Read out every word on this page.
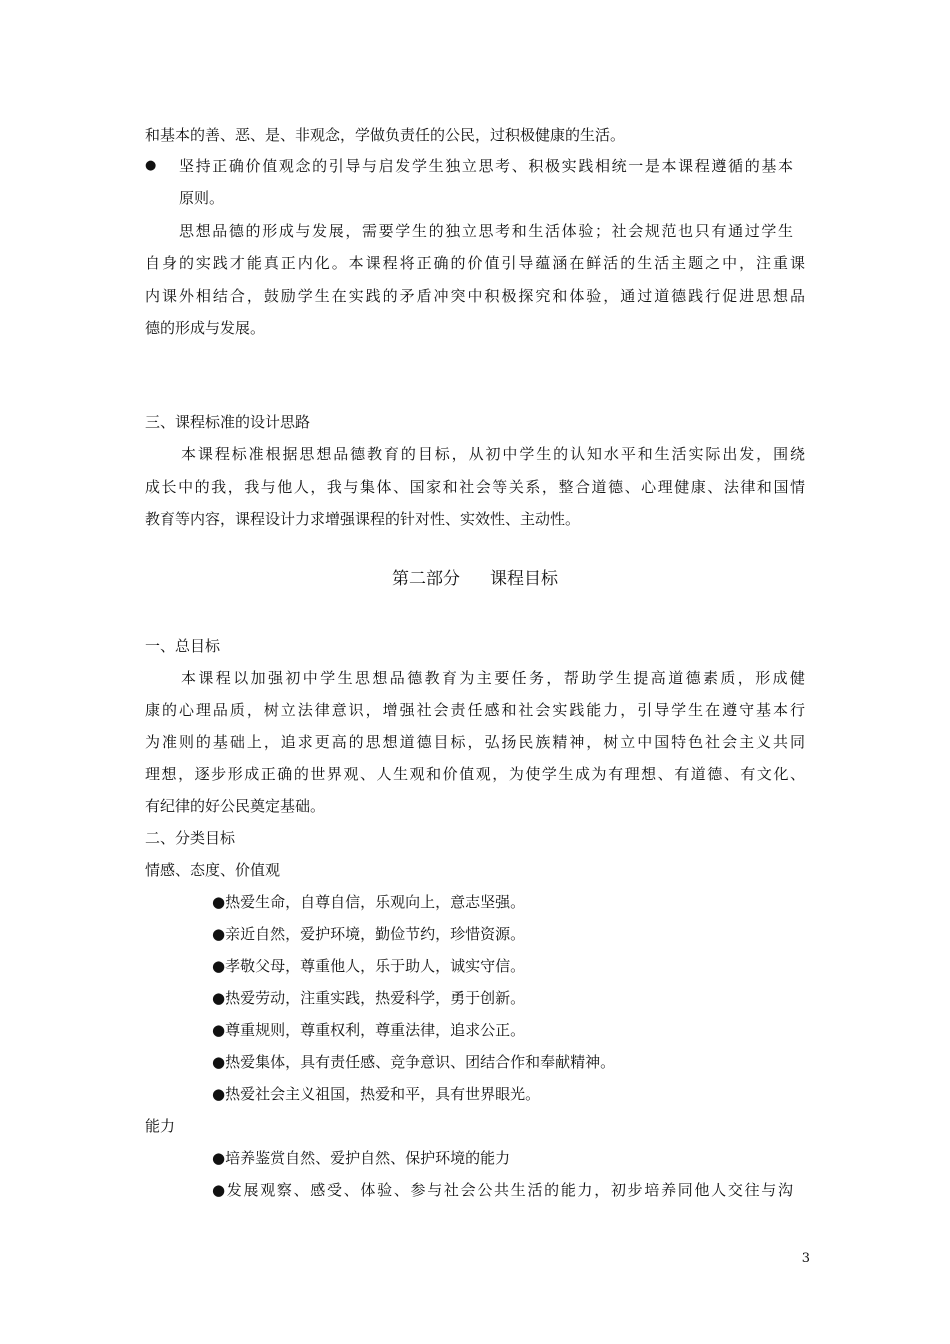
和基本的善、恶、是、非观念，学做负责任的公民，过积极健康的生活。
● 坚持正确价值观念的引导与启发学生独立思考、积极实践相统一是本课程遵循的基本
原则。
思想品德的形成与发展，需要学生的独立思考和生活体验；社会规范也只有通过学生
自身的实践才能真正内化。本课程将正确的价值引导蕴涵在鲜活的生活主题之中，注重课
内课外相结合，鼓励学生在实践的矛盾冲突中积极探究和体验，通过道德践行促进思想品
德的形成与发展。
三、课程标准的设计思路
本课程标准根据思想品德教育的目标，从初中学生的认知水平和生活实际出发，围绕
成长中的我，我与他人，我与集体、国家和社会等关系，整合道德、心理健康、法律和国情
教育等内容，课程设计力求增强课程的针对性、实效性、主动性。
第二部分 课程目标
一、总目标
本课程以加强初中学生思想品德教育为主要任务，帮助学生提高道德素质，形成健
康的心理品质，树立法律意识，增强社会责任感和社会实践能力，引导学生在遵守基本行
为准则的基础上，追求更高的思想道德目标，弘扬民族精神，树立中国特色社会主义共同
理想，逐步形成正确的世界观、人生观和价值观，为使学生成为有理想、有道德、有文化、
有纪律的好公民奠定基础。
二、分类目标
情感、态度、价值观
●热爱生命，自尊自信，乐观向上，意志坚强。
●亲近自然，爱护环境，勤俭节约，珍惜资源。
●孝敬父母，尊重他人，乐于助人，诚实守信。
●热爱劳动，注重实践，热爱科学，勇于创新。
●尊重规则，尊重权利，尊重法律，追求公正。
●热爱集体，具有责任感、竞争意识、团结合作和奉献精神。
●热爱社会主义祖国，热爱和平，具有世界眼光。
能力
●培养鉴赏自然、爱护自然、保护环境的能力
●发展观察、感受、体验、参与社会公共生活的能力，初步培养同他人交往与沟
3
